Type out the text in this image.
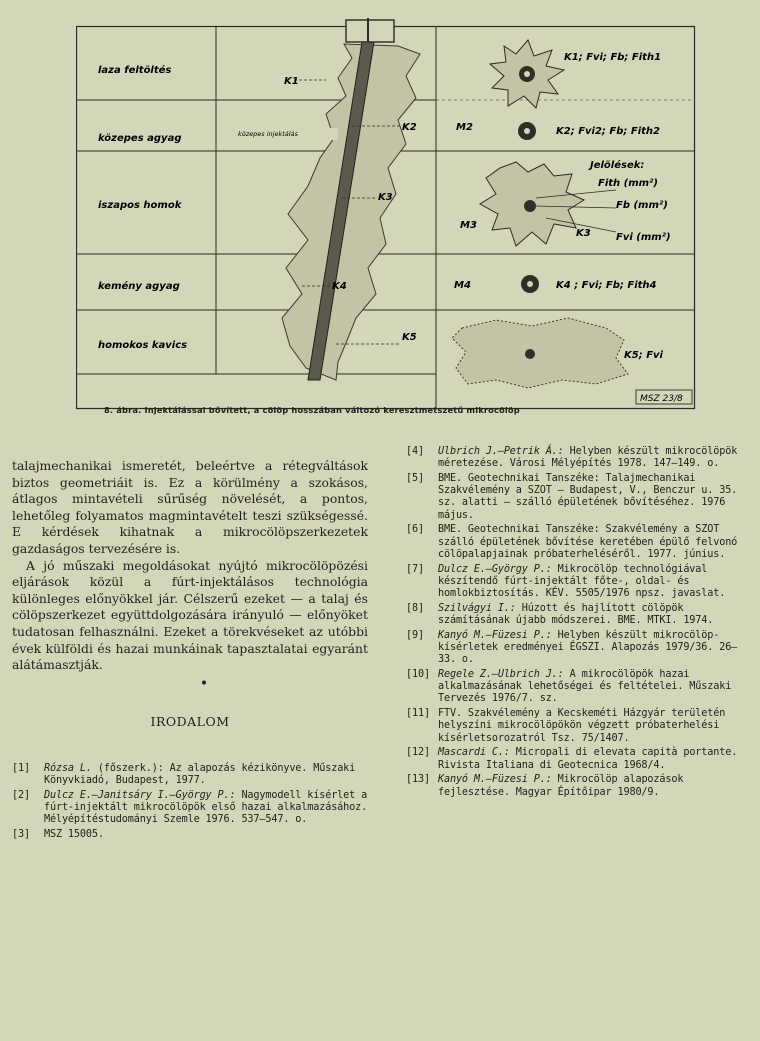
laza feltöltés
közepes agyag
iszapos homok
kemény agyag
homokos kavics
közepes injektálás
K1
K2
K3
K4
K5
K1; Fvi; Fb; Fith1
M2	K2; Fvi2; Fb; Fith2
M3
K3
Jelölések:
Fith (mm²)
Fb (mm²)
Fvi (mm²)
M4	K4 ; Fvi; Fb; Fith4
K5; Fvi
MSZ 23/8
8. ábra. Injektálással bővített, a cölöp hosszában változó keresztmetszetű mikrocölöp

talajmechanikai ismeretét, beleértve a rétegváltások biztos geometriáit is. Ez a körülmény a szokásos, átlagos mintavételi sűrűség növelését, a pontos, lehetőleg folyamatos magmintavételt teszi szükségessé. E kérdések kihatnak a mikrocölöpszerkezetek gazdaságos tervezésére is.

A jó műszaki megoldásokat nyújtó mikrocölöpözési eljárások közül a fúrt-injektálásos technológia különleges előnyökkel jár. Célszerű ezeket — a talaj és cölöpszerkezet együttdolgozására irányuló — előnyöket tudatosan felhasználni. Ezeket a törekvéseket az utóbbi évek külföldi és hazai munkáinak tapasztalatai egyaránt alátámasztják.

•

IRODALOM

[1] Rózsa L. (főszerk.): Az alapozás kézikönyve. Műszaki Könyvkiadó, Budapest, 1977.

[2] Dulcz E.—Janitsáry I.—György P.: Nagymodell kísérlet a fúrt-injektált mikrocölöpök első hazai alkalmazásához. Mélyépítéstudományi Szemle 1976. 537—547. o.

[3] MSZ 15005.

[4] Ulbrich J.—Petrik Á.: Helyben készült mikrocölöpök méretezése. Városi Mélyépítés 1978. 147—149. o.

[5] BME. Geotechnikai Tanszéke: Talajmechanikai Szakvélemény a SZOT — Budapest, V., Benczur u. 35. sz. alatti — szálló épületének bővítéséhez. 1976 május.

[6] BME. Geotechnikai Tanszéke: Szakvélemény a SZOT szálló épületének bővítése keretében épülő felvonó cölöpalapjainak próbaterheléséről. 1977. június.

[7] Dulcz E.—György P.: Mikrocölöp technológiával készítendő fúrt-injektált főte-, oldal- és homlokbiztosítás. KÉV. 5505/1976 npsz. javaslat.

[8] Szilvágyi I.: Húzott és hajlított cölöpök számításának újabb módszerei. BME. MTKI. 1974.

[9] Kanyó M.—Füzesi P.: Helyben készült mikrocölöp-kísérletek eredményei ÉGSZI. Alapozás 1979/36. 26—33. o.

[10] Regele Z.—Ulbrich J.: A mikrocölöpök hazai alkalmazásának lehetőségei és feltételei. Műszaki Tervezés 1976/7. sz.

[11] FTV. Szakvélemény a Kecskeméti Házgyár területén helyszíni mikrocölöpökön végzett próbaterhelési kísérletsorozatról Tsz. 75/1407.

[12] Mascardi C.: Micropali di elevata capità portante. Rivista Italiana di Geotecnica 1968/4.

[13] Kanyó M.—Füzesi P.: Mikrocölöp alapozások fejlesztése. Magyar Építőipar 1980/9.
